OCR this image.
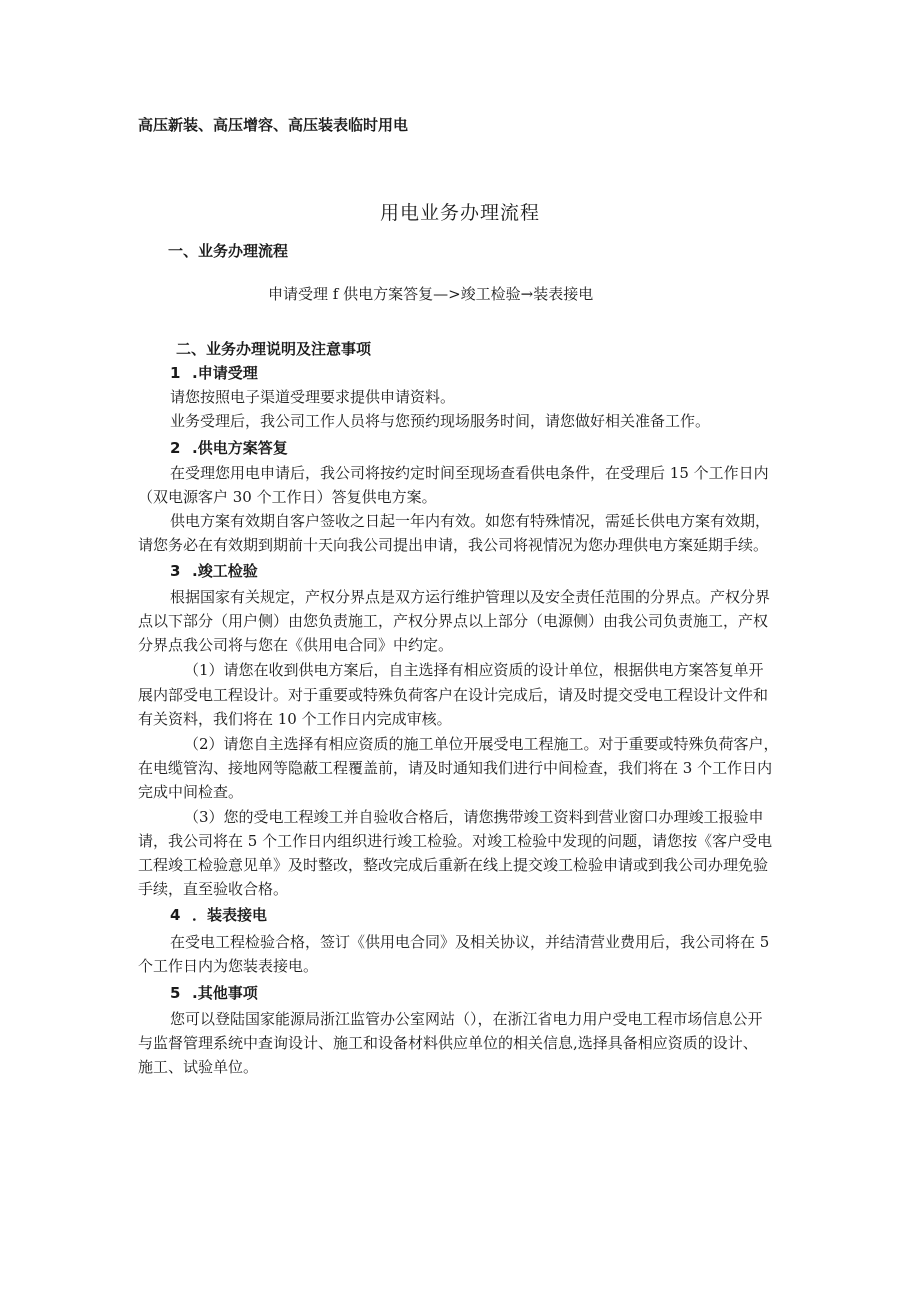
高压新装、高压增容、高压装表临时用电
用电业务办理流程
一、业务办理流程
申请受理 f 供电方案答复—>竣工检验→装表接电
二、业务办理说明及注意事项
1 .申请受理
请您按照电子渠道受理要求提供申请资料。
业务受理后，我公司工作人员将与您预约现场服务时间，请您做好相关准备工作。
2 .供电方案答复
在受理您用电申请后，我公司将按约定时间至现场查看供电条件，在受理后 15 个工作日内
（双电源客户 30 个工作日）答复供电方案。
供电方案有效期自客户签收之日起一年内有效。如您有特殊情况，需延长供电方案有效期，
请您务必在有效期到期前十天向我公司提出申请，我公司将视情况为您办理供电方案延期手续。
3 .竣工检验
根据国家有关规定，产权分界点是双方运行维护管理以及安全责任范围的分界点。产权分界
点以下部分（用户侧）由您负责施工，产权分界点以上部分（电源侧）由我公司负责施工，产权
分界点我公司将与您在《供用电合同》中约定。
（1）请您在收到供电方案后，自主选择有相应资质的设计单位，根据供电方案答复单开
展内部受电工程设计。对于重要或特殊负荷客户在设计完成后，请及时提交受电工程设计文件和
有关资料，我们将在 10 个工作日内完成审核。
（2）请您自主选择有相应资质的施工单位开展受电工程施工。对于重要或特殊负荷客户，
在电缆管沟、接地网等隐蔽工程覆盖前，请及时通知我们进行中间检查，我们将在 3 个工作日内
完成中间检查。
（3）您的受电工程竣工并自验收合格后，请您携带竣工资料到营业窗口办理竣工报验申
请，我公司将在 5 个工作日内组织进行竣工检验。对竣工检验中发现的问题，请您按《客户受电
工程竣工检验意见单》及时整改，整改完成后重新在线上提交竣工检验申请或到我公司办理免验
手续，直至验收合格。
4 ．装表接电
在受电工程检验合格，签订《供用电合同》及相关协议，并结清营业费用后，我公司将在 5
个工作日内为您装表接电。
5 .其他事项
您可以登陆国家能源局浙江监管办公室网站（），在浙江省电力用户受电工程市场信息公开
与监督管理系统中查询设计、施工和设备材料供应单位的相关信息,选择具备相应资质的设计、
施工、试验单位。
